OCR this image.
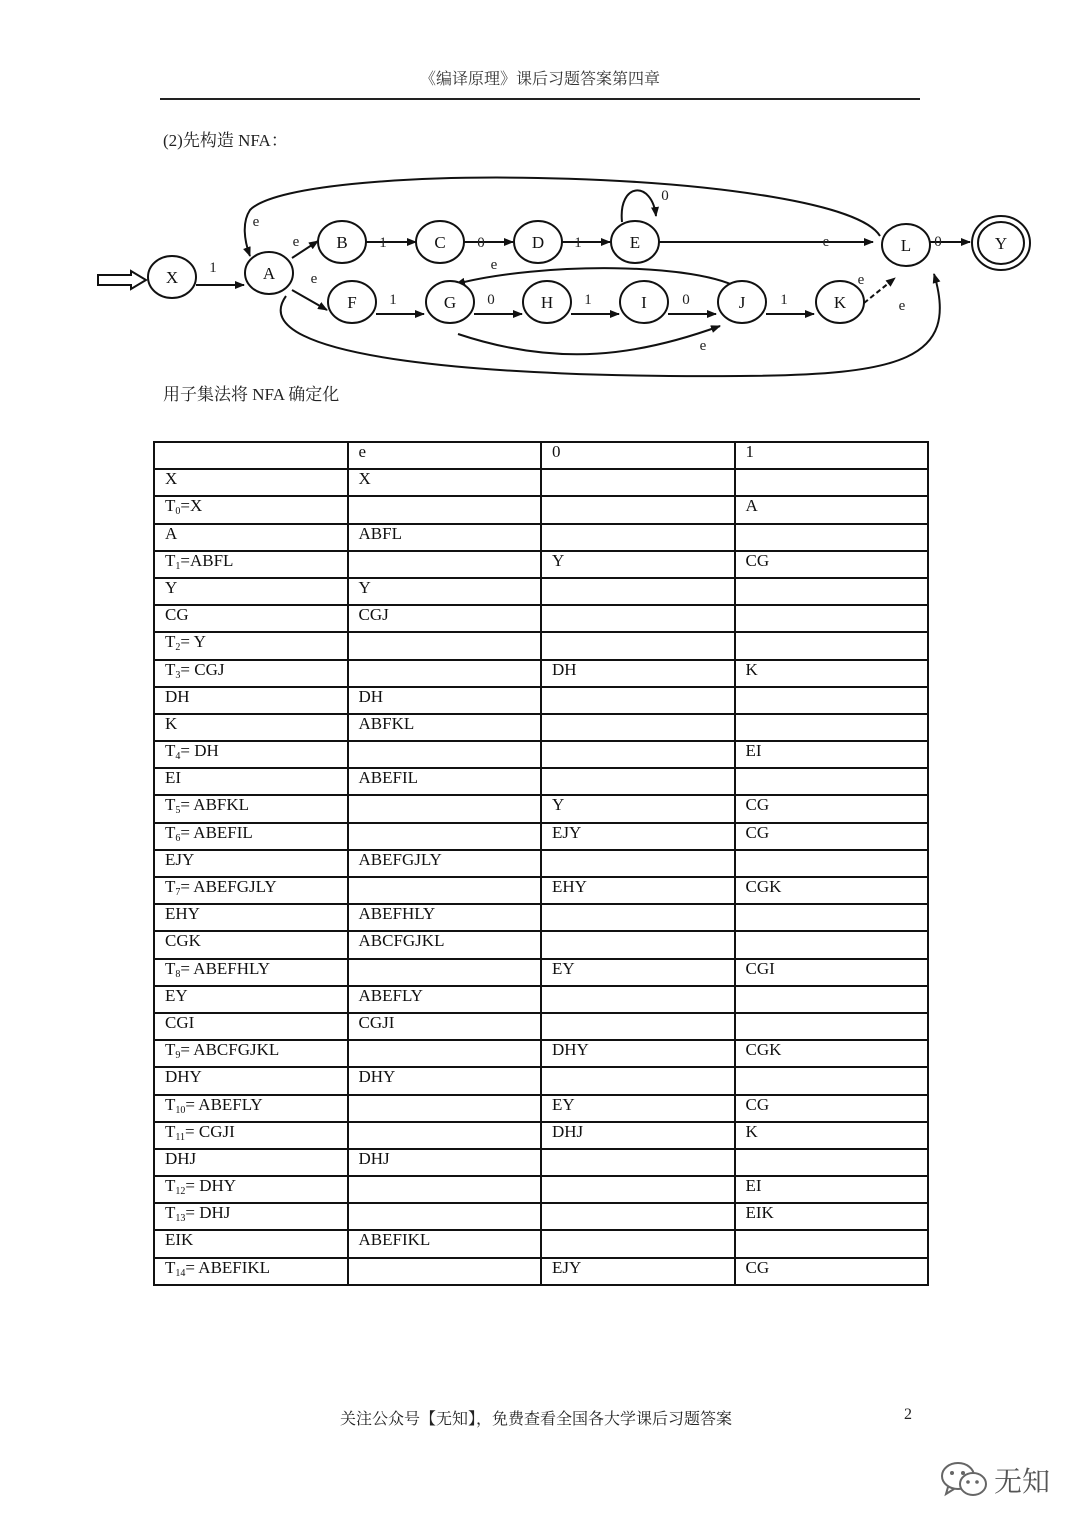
《编译原理》课后习题答案第四章
(2)先构造 NFA：
X	A
B	C	D	E
F	G	H	I	J	K
L	Y
1
e	1	0	1
0
e
e
0
e
1	0	1	0
e
e
1
e
e
用子集法将 NFA 确定化
	e	0	1
X	X		
$T_0=X$			A
A	ABFL		
$T_1=ABFL$		Y	CG
Y	Y		
CG	CGJ		
$T_2= Y$			
$T_3=$ CGJ		DH	K
DH	DH		
K	ABFKL		
$T_4=$ DH			EI
EI	ABEFIL		
$T_5=$ ABFKL		Y	CG
$T_6=$ ABEFIL		EJY	CG
EJY	ABEFGJLY		
$T_7=$ ABEFGJLY		EHY	CGK
EHY	ABEFHLY		
CGK	ABCFGJKL		
$T_8=$ ABEFHLY		EY	CGI
EY	ABEFLY		
CGI	CGJI		
$T_9=$ ABCFGJKL		DHY	CGK
DHY	DHY		
$T_{10}=$ ABEFLY		EY	CG
$T_{11}=$ CGJI		DHJ	K
DHJ	DHJ		
$T_{12}=$ DHY			EI
$T_{13}=$ DHJ			EIK
EIK	ABEFIKL		
$T_{14}=$ ABEFIKL		EJY	CG
关注公众号【无知】，免费查看全国各大学课后习题答案	2
无知
